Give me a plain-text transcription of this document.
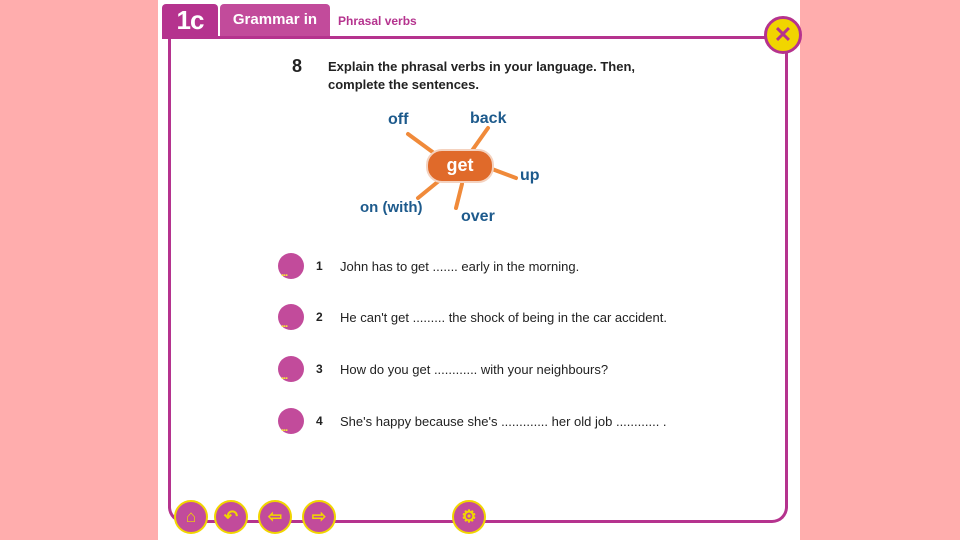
1c	Grammar in use
Phrasal verbs
✕
8 Explain the phrasal verbs in your language. Then, complete the sentences.
get
off	back
up
over
on (with)
... 1 John has to get ....... early in the morning.
... 2 He can't get ......... the shock of being in the car accident.
... 3 How do you get ............ with your neighbours?
... 4 She's happy because she's ............. her old job ............ .
⌂	↶	⇦	⇨	⚙
